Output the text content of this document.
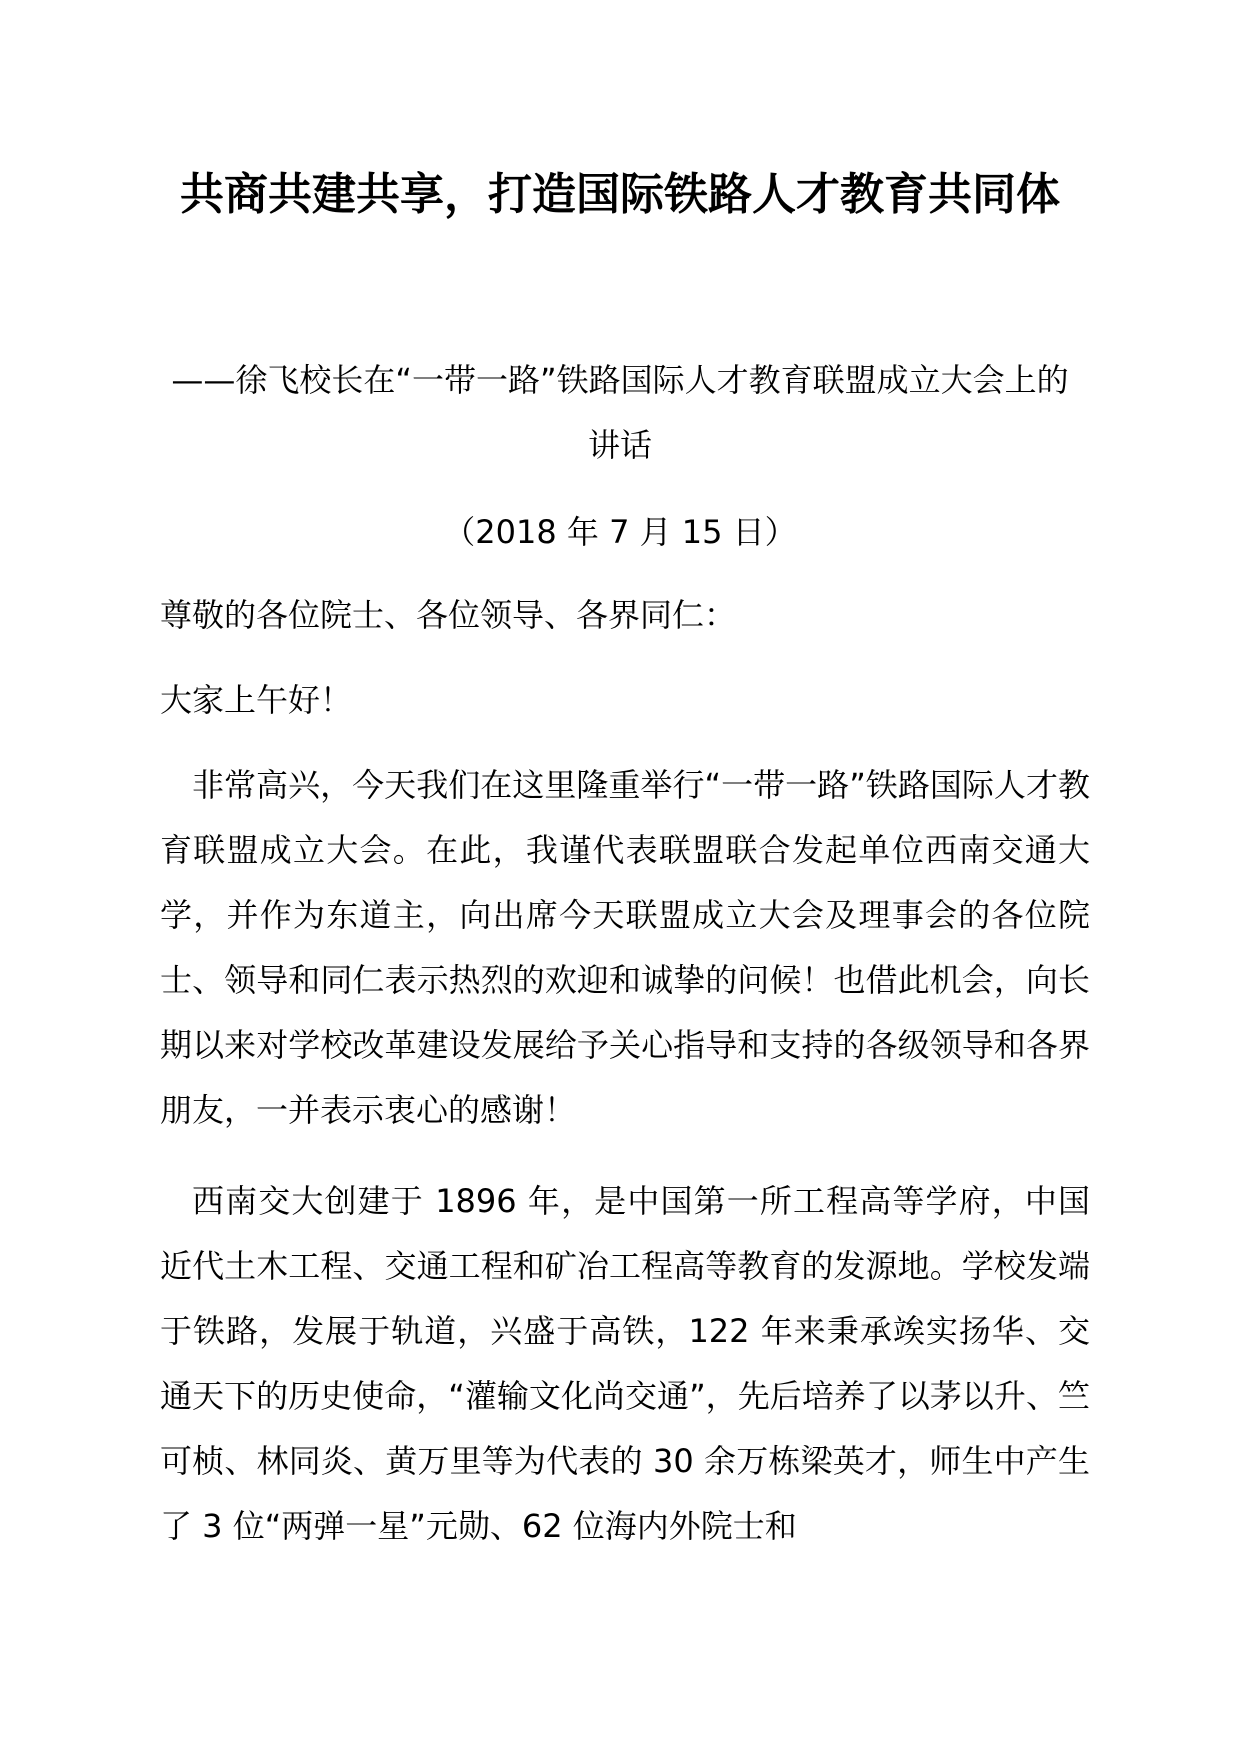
共商共建共享，打造国际铁路人才教育共同体
——徐飞校长在“一带一路”铁路国际人才教育联盟成立大会上的讲话
（2018 年 7 月 15 日）
尊敬的各位院士、各位领导、各界同仁：
大家上午好！
非常高兴，今天我们在这里隆重举行“一带一路”铁路国际人才教育联盟成立大会。在此，我谨代表联盟联合发起单位西南交通大学，并作为东道主，向出席今天联盟成立大会及理事会的各位院士、领导和同仁表示热烈的欢迎和诚挚的问候！也借此机会，向长期以来对学校改革建设发展给予关心指导和支持的各级领导和各界朋友，一并表示衷心的感谢！
西南交大创建于 1896 年，是中国第一所工程高等学府，中国近代土木工程、交通工程和矿冶工程高等教育的发源地。学校发端于铁路，发展于轨道，兴盛于高铁，122 年来秉承竢实扬华、交通天下的历史使命，“灌输文化尚交通”，先后培养了以茅以升、竺可桢、林同炎、黄万里等为代表的 30 余万栋梁英才，师生中产生了 3 位“两弹一星”元勋、62 位海内外院士和
